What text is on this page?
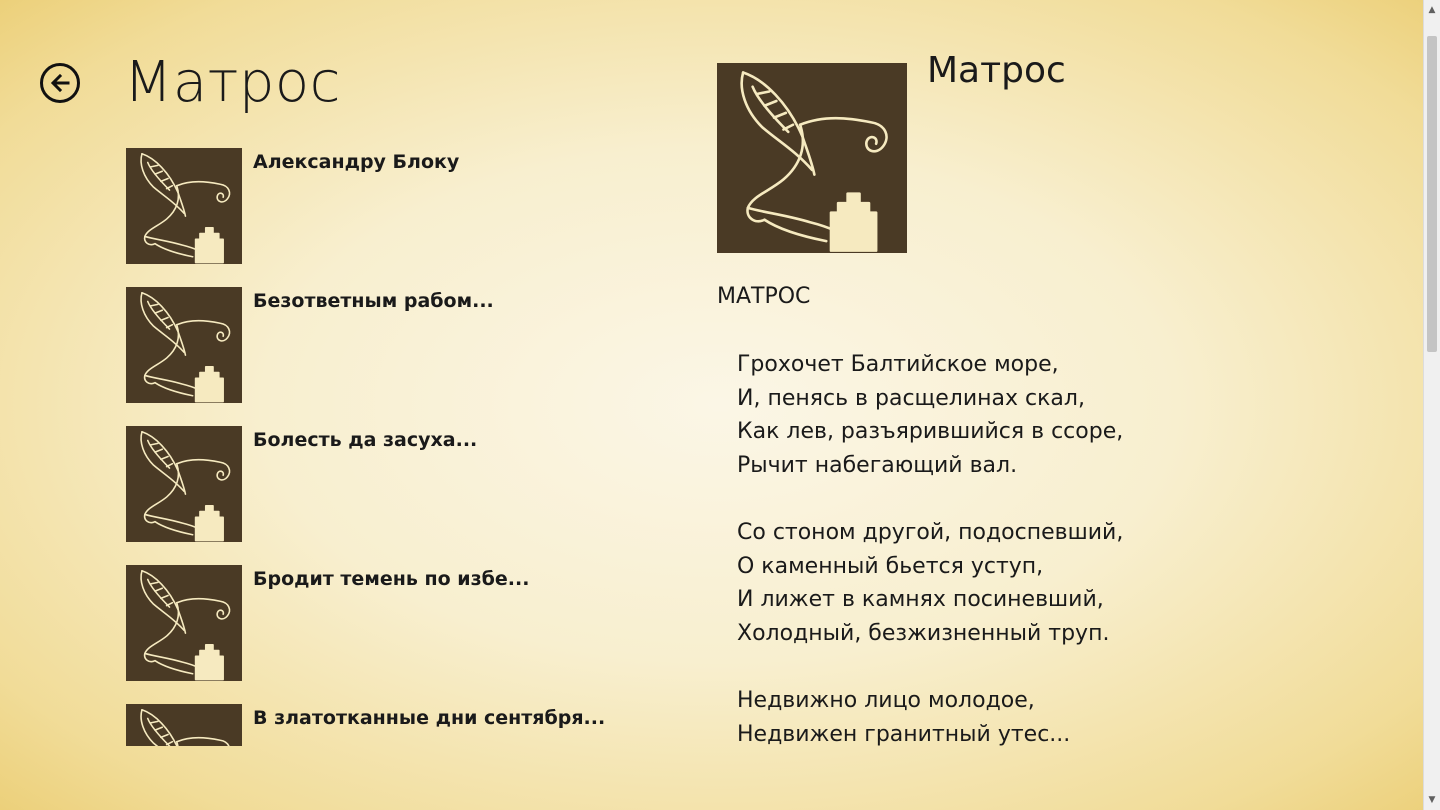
Матрос
Александру Блоку
Безответным рабом...
Болесть да засуха...
Бродит темень по избе...
В златотканные дни сентября...
Матрос
МАТРОС
Грохочет Балтийское море,
И, пенясь в расщелинах скал,
Как лев, разъярившийся в ссоре,
Рычит набегающий вал.
Со стоном другой, подоспевший,
О каменный бьется уступ,
И лижет в камнях посиневший,
Холодный, безжизненный труп.
Недвижно лицо молодое,
Недвижен гранитный утес...
▲
▼
